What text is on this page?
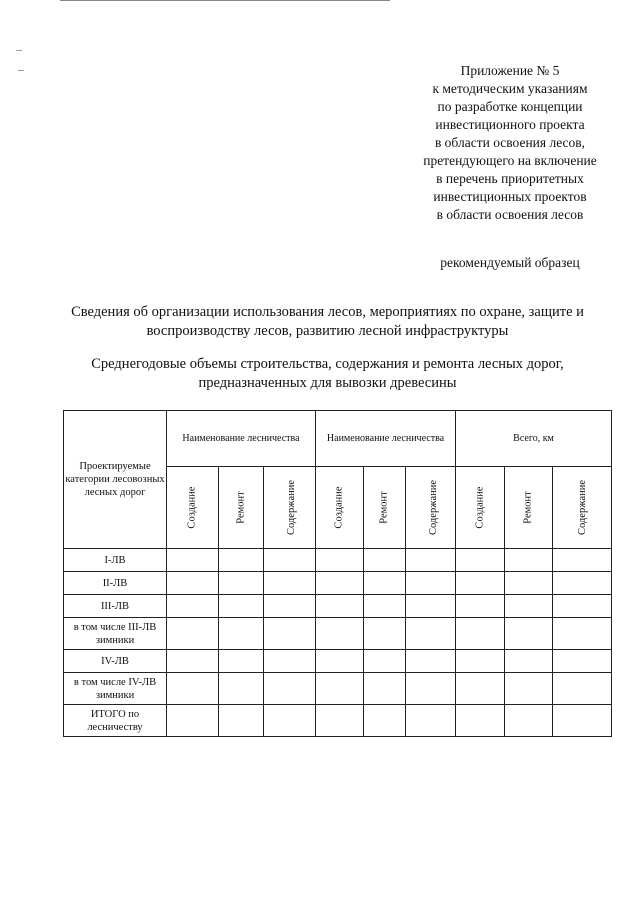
Приложение № 5
к методическим указаниям
по разработке концепции
инвестиционного проекта
в области освоения лесов,
претендующего на включение
в перечень приоритетных
инвестиционных проектов
в области освоения лесов
рекомендуемый образец
Сведения об организации использования лесов, мероприятиях по охране, защите и
воспроизводству лесов, развитию лесной инфраструктуры
Среднегодовые объемы строительства, содержания и ремонта лесных дорог,
предназначенных для вывозки древесины
Проектируемые категории лесовозных лесных дорог	Наименование лесничества			Наименование лесничества			Всего, км		
	Создание	Ремонт	Содержание	Создание	Ремонт	Содержание	Создание	Ремонт	Содержание
I-ЛВ									
II-ЛВ									
III-ЛВ									
в том числе III-ЛВ зимники									
IV-ЛВ									
в том числе IV-ЛВ зимники									
ИТОГО по лесничеству									
